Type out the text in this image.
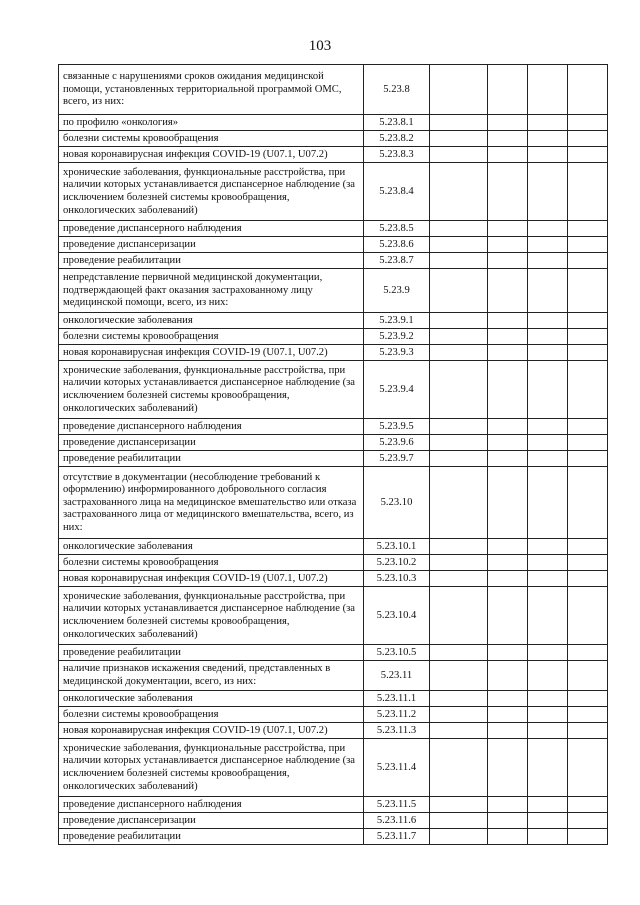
103
связанные с нарушениями сроков ожидания медицинской помощи, установленных территориальной программой ОМС, всего, из них:	5.23.8				
по профилю «онкология»	5.23.8.1				
болезни системы кровообращения	5.23.8.2				
новая коронавирусная инфекция COVID-19 (U07.1, U07.2)	5.23.8.3				
хронические заболевания, функциональные расстройства, при наличии которых устанавливается диспансерное наблюдение (за исключением болезней системы кровообращения, онкологических заболеваний)	5.23.8.4				
проведение диспансерного наблюдения	5.23.8.5				
проведение диспансеризации	5.23.8.6				
проведение реабилитации	5.23.8.7				
непредставление первичной медицинской документации, подтверждающей факт оказания застрахованному лицу медицинской помощи, всего, из них:	5.23.9				
онкологические заболевания	5.23.9.1				
болезни системы кровообращения	5.23.9.2				
новая коронавирусная инфекция COVID-19 (U07.1, U07.2)	5.23.9.3				
хронические заболевания, функциональные расстройства, при наличии которых устанавливается диспансерное наблюдение (за исключением болезней системы кровообращения, онкологических заболеваний)	5.23.9.4				
проведение диспансерного наблюдения	5.23.9.5				
проведение диспансеризации	5.23.9.6				
проведение реабилитации	5.23.9.7				
отсутствие в документации (несоблюдение требований к оформлению) информированного добровольного согласия застрахованного лица на медицинское вмешательство или отказа застрахованного лица от медицинского вмешательства, всего, из них:	5.23.10				
онкологические заболевания	5.23.10.1				
болезни системы кровообращения	5.23.10.2				
новая коронавирусная инфекция COVID-19 (U07.1, U07.2)	5.23.10.3				
хронические заболевания, функциональные расстройства, при наличии которых устанавливается диспансерное наблюдение (за исключением болезней системы кровообращения, онкологических заболеваний)	5.23.10.4				
проведение реабилитации	5.23.10.5				
наличие признаков искажения сведений, представленных в медицинской документации, всего, из них:	5.23.11				
онкологические заболевания	5.23.11.1				
болезни системы кровообращения	5.23.11.2				
новая коронавирусная инфекция COVID-19 (U07.1, U07.2)	5.23.11.3				
хронические заболевания, функциональные расстройства, при наличии которых устанавливается диспансерное наблюдение (за исключением болезней системы кровообращения, онкологических заболеваний)	5.23.11.4				
проведение диспансерного наблюдения	5.23.11.5				
проведение диспансеризации	5.23.11.6				
проведение реабилитации	5.23.11.7				
